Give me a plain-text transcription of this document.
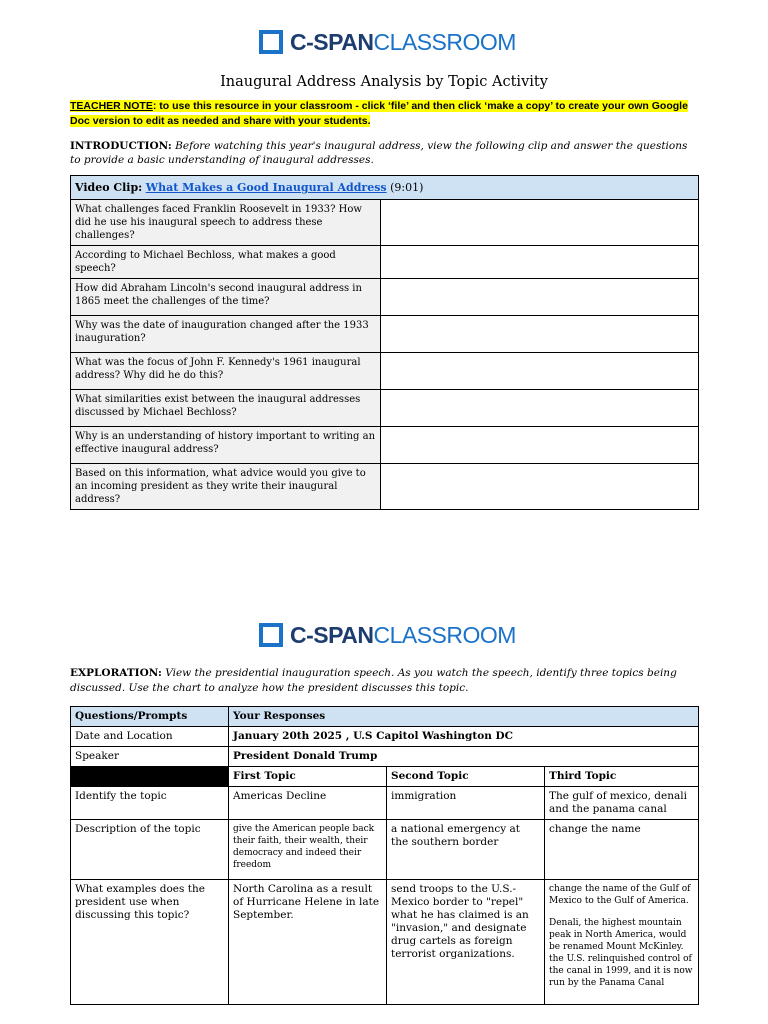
C-SPANCLASSROOM
Inaugural Address Analysis by Topic Activity
TEACHER NOTE: to use this resource in your classroom - click ‘file’ and then click ‘make a copy’ to create your own Google Doc version to edit as needed and share with your students.
INTRODUCTION: Before watching this year's inaugural address, view the following clip and answer the questions to provide a basic understanding of inaugural addresses.
Video Clip: What Makes a Good Inaugural Address (9:01)	
What challenges faced Franklin Roosevelt in 1933? How did he use his inaugural speech to address these challenges?	
According to Michael Bechloss, what makes a good speech?	
How did Abraham Lincoln's second inaugural address in 1865 meet the challenges of the time?	
Why was the date of inauguration changed after the 1933 inauguration?	
What was the focus of John F. Kennedy's 1961 inaugural address? Why did he do this?	
What similarities exist between the inaugural addresses discussed by Michael Bechloss?	
Why is an understanding of history important to writing an effective inaugural address?	
Based on this information, what advice would you give to an incoming president as they write their inaugural address?	
C-SPANCLASSROOM
EXPLORATION: View the presidential inauguration speech. As you watch the speech, identify three topics being discussed. Use the chart to analyze how the president discusses this topic.
Questions/Prompts	Your Responses		
Date and Location	January 20th 2025 , U.S Capitol Washington DC		
Speaker	President Donald Trump		
	First Topic	Second Topic	Third Topic
Identify the topic	Americas Decline	immigration	The gulf of mexico, denali and the panama canal
Description of the topic	give the American people back their faith, their wealth, their democracy and indeed their freedom	a national emergency at the southern border	change the name
What examples does the president use when discussing this topic?	North Carolina as a result of Hurricane Helene in late September.	send troops to the U.S.-Mexico border to "repel" what he has claimed is an "invasion," and designate drug cartels as foreign terrorist organizations.	change the name of the Gulf of Mexico to the Gulf of America.
Denali, the highest mountain peak in North America, would be renamed Mount McKinley.
the U.S. relinquished control of the canal in 1999, and it is now run by the Panama Canal
